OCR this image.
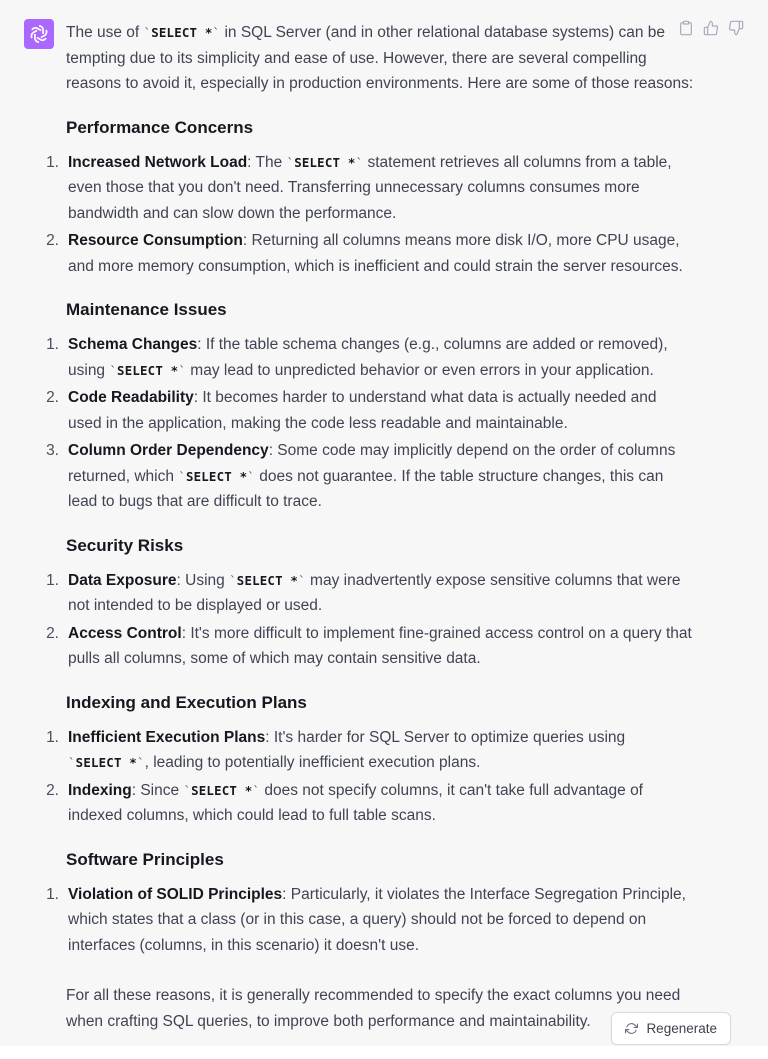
The use of `SELECT *` in SQL Server (and in other relational database systems) can be tempting due to its simplicity and ease of use. However, there are several compelling reasons to avoid it, especially in production environments. Here are some of those reasons:

Performance Concerns
1. Increased Network Load: The `SELECT *` statement retrieves all columns from a table, even those that you don't need. Transferring unnecessary columns consumes more bandwidth and can slow down the performance.
2. Resource Consumption: Returning all columns means more disk I/O, more CPU usage, and more memory consumption, which is inefficient and could strain the server resources.
Maintenance Issues
1. Schema Changes: If the table schema changes (e.g., columns are added or removed), using `SELECT *` may lead to unpredicted behavior or even errors in your application.
2. Code Readability: It becomes harder to understand what data is actually needed and used in the application, making the code less readable and maintainable.
3. Column Order Dependency: Some code may implicitly depend on the order of columns returned, which `SELECT *` does not guarantee. If the table structure changes, this can lead to bugs that are difficult to trace.
Security Risks
1. Data Exposure: Using `SELECT *` may inadvertently expose sensitive columns that were not intended to be displayed or used.
2. Access Control: It's more difficult to implement fine-grained access control on a query that pulls all columns, some of which may contain sensitive data.
Indexing and Execution Plans
1. Inefficient Execution Plans: It's harder for SQL Server to optimize queries using `SELECT *`, leading to potentially inefficient execution plans.
2. Indexing: Since `SELECT *` does not specify columns, it can't take full advantage of indexed columns, which could lead to full table scans.
Software Principles
1. Violation of SOLID Principles: Particularly, it violates the Interface Segregation Principle, which states that a class (or in this case, a query) should not be forced to depend on interfaces (columns, in this scenario) it doesn't use.

For all these reasons, it is generally recommended to specify the exact columns you need when crafting SQL queries, to improve both performance and maintainability.	Regenerate
